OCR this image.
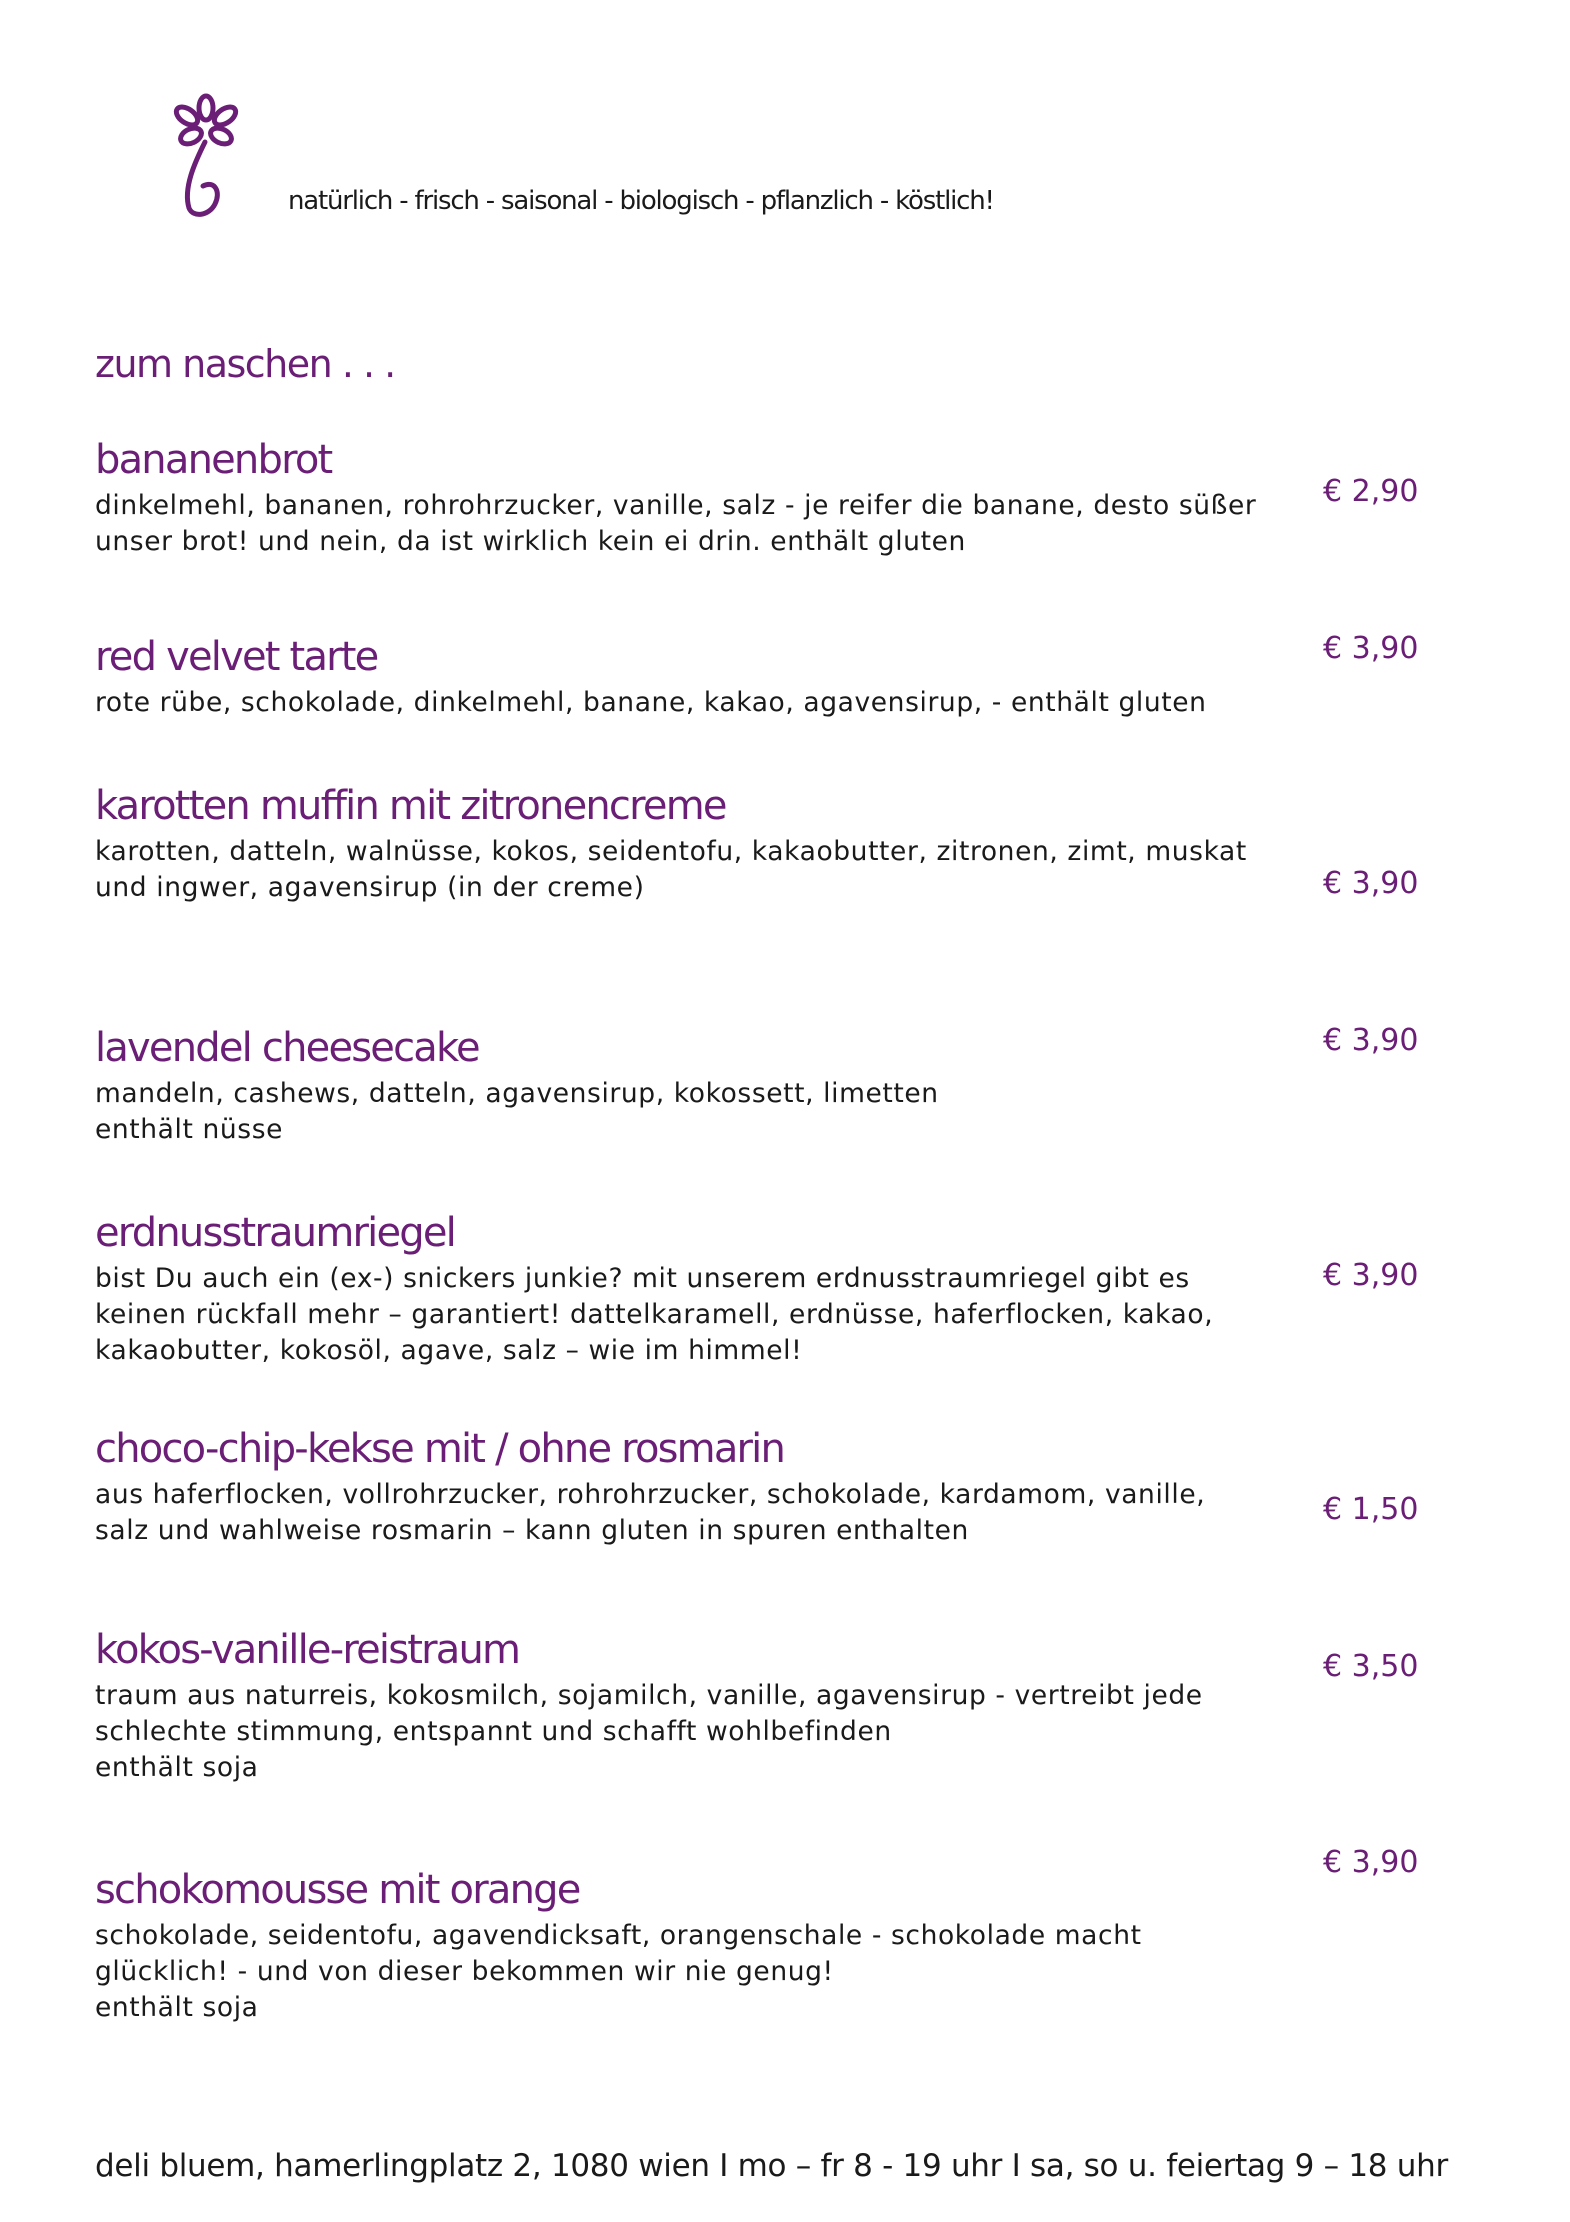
natürlich - frisch - saisonal - biologisch - pflanzlich - köstlich!
zum naschen . . .
bananenbrot
dinkelmehl, bananen, rohrohrzucker, vanille, salz - je reifer die banane, desto süßer
unser brot! und nein, da ist wirklich kein ei drin. enthält gluten
€ 2,90
red velvet tarte
rote rübe, schokolade, dinkelmehl, banane, kakao, agavensirup, - enthält gluten
€ 3,90
karotten muffin mit zitronencreme
karotten, datteln, walnüsse, kokos, seidentofu, kakaobutter, zitronen, zimt, muskat
und ingwer, agavensirup (in der creme)	€ 3,90
lavendel cheesecake
mandeln, cashews, datteln, agavensirup, kokossett, limetten
enthält nüsse
€ 3,90
erdnusstraumriegel
bist Du auch ein (ex-) snickers junkie? mit unserem erdnusstraumriegel gibt es
keinen rückfall mehr – garantiert! dattelkaramell, erdnüsse, haferflocken, kakao,
kakaobutter, kokosöl, agave, salz – wie im himmel!
€ 3,90
choco-chip-kekse mit / ohne rosmarin
aus haferflocken, vollrohrzucker, rohrohrzucker, schokolade, kardamom, vanille,
salz und wahlweise rosmarin – kann gluten in spuren enthalten
€ 1,50
kokos-vanille-reistraum
traum aus naturreis, kokosmilch, sojamilch, vanille, agavensirup - vertreibt jede
schlechte stimmung, entspannt und schafft wohlbefinden
enthält soja
€ 3,50
schokomousse mit orange
schokolade, seidentofu, agavendicksaft, orangenschale - schokolade macht
glücklich! - und von dieser bekommen wir nie genug!
enthält soja
€ 3,90
deli bluem, hamerlingplatz 2, 1080 wien I mo – fr 8 - 19 uhr I sa, so u. feiertag 9 – 18 uhr
